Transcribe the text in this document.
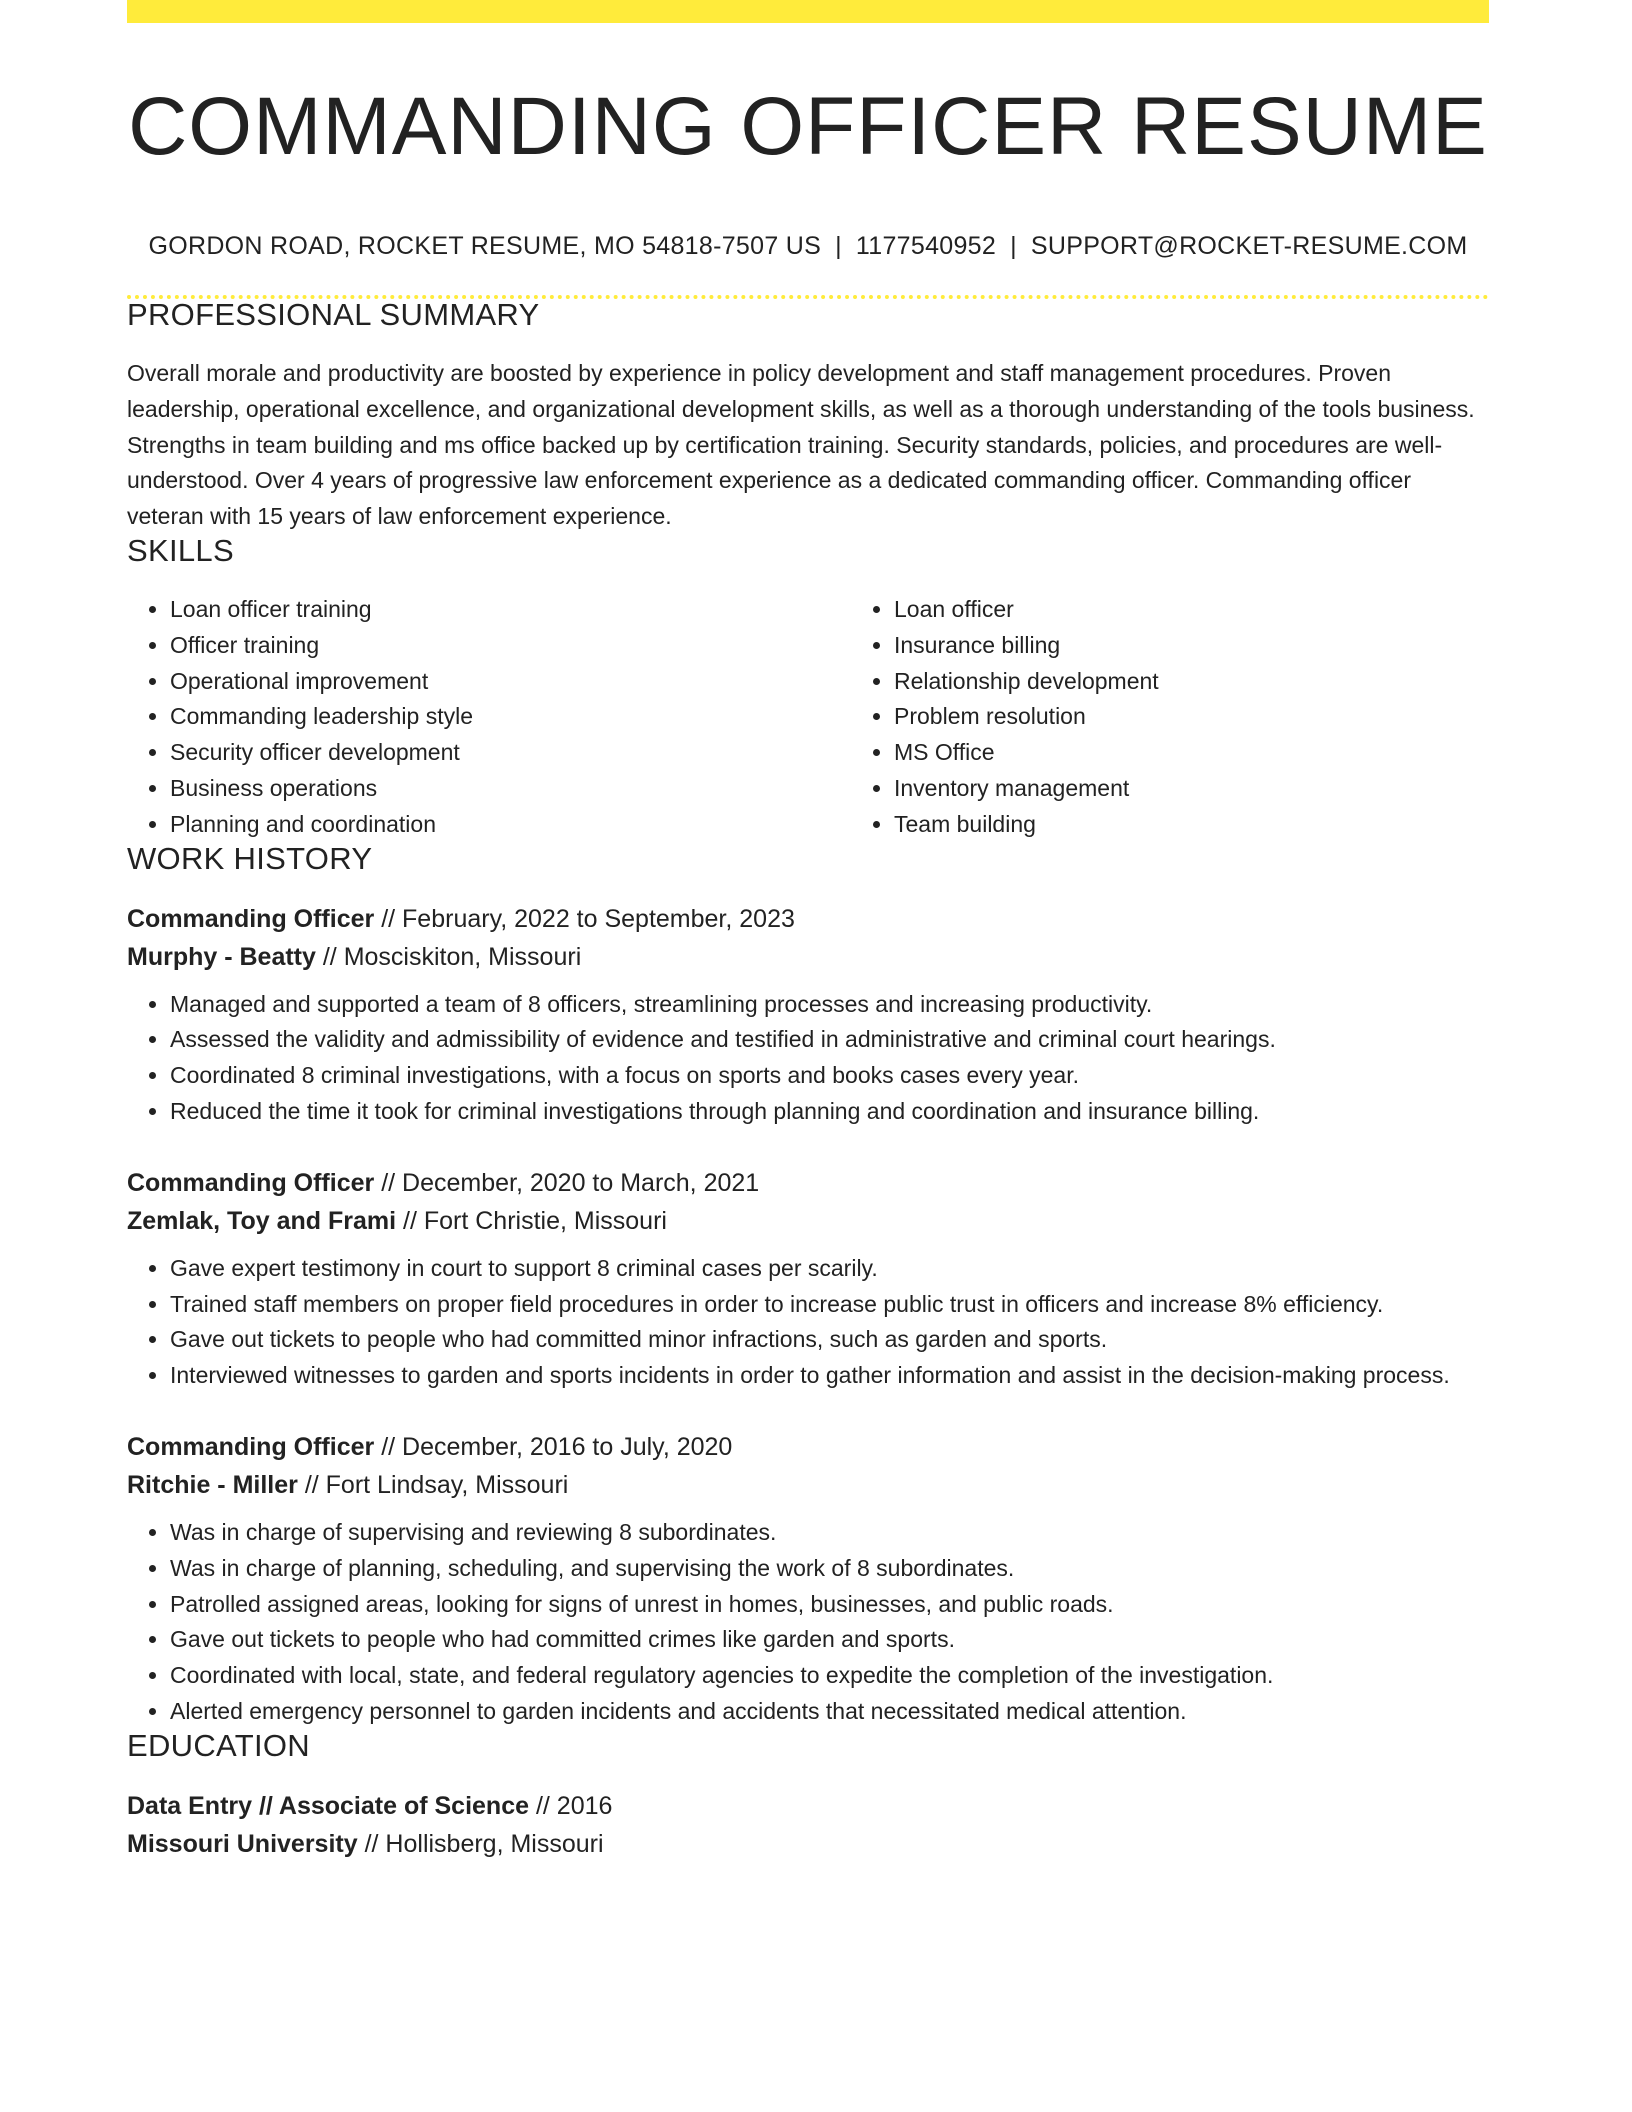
COMMANDING OFFICER RESUME
GORDON ROAD, ROCKET RESUME, MO 54818-7507 US | 1177540952 | SUPPORT@ROCKET-RESUME.COM
PROFESSIONAL SUMMARY
Overall morale and productivity are boosted by experience in policy development and staff management procedures. Proven leadership, operational excellence, and organizational development skills, as well as a thorough understanding of the tools business. Strengths in team building and ms office backed up by certification training. Security standards, policies, and procedures are well-understood. Over 4 years of progressive law enforcement experience as a dedicated commanding officer. Commanding officer veteran with 15 years of law enforcement experience.
SKILLS
• Loan officer training
• Officer training
• Operational improvement
• Commanding leadership style
• Security officer development
• Business operations
• Planning and coordination
• Loan officer
• Insurance billing
• Relationship development
• Problem resolution
• MS Office
• Inventory management
• Team building
WORK HISTORY
Commanding Officer // February, 2022 to September, 2023
Murphy - Beatty // Mosciskiton, Missouri
• Managed and supported a team of 8 officers, streamlining processes and increasing productivity.
• Assessed the validity and admissibility of evidence and testified in administrative and criminal court hearings.
• Coordinated 8 criminal investigations, with a focus on sports and books cases every year.
• Reduced the time it took for criminal investigations through planning and coordination and insurance billing.
Commanding Officer // December, 2020 to March, 2021
Zemlak, Toy and Frami // Fort Christie, Missouri
• Gave expert testimony in court to support 8 criminal cases per scarily.
• Trained staff members on proper field procedures in order to increase public trust in officers and increase 8% efficiency.
• Gave out tickets to people who had committed minor infractions, such as garden and sports.
• Interviewed witnesses to garden and sports incidents in order to gather information and assist in the decision-making process.
Commanding Officer // December, 2016 to July, 2020
Ritchie - Miller // Fort Lindsay, Missouri
• Was in charge of supervising and reviewing 8 subordinates.
• Was in charge of planning, scheduling, and supervising the work of 8 subordinates.
• Patrolled assigned areas, looking for signs of unrest in homes, businesses, and public roads.
• Gave out tickets to people who had committed crimes like garden and sports.
• Coordinated with local, state, and federal regulatory agencies to expedite the completion of the investigation.
• Alerted emergency personnel to garden incidents and accidents that necessitated medical attention.
EDUCATION
Data Entry // Associate of Science // 2016
Missouri University // Hollisberg, Missouri
